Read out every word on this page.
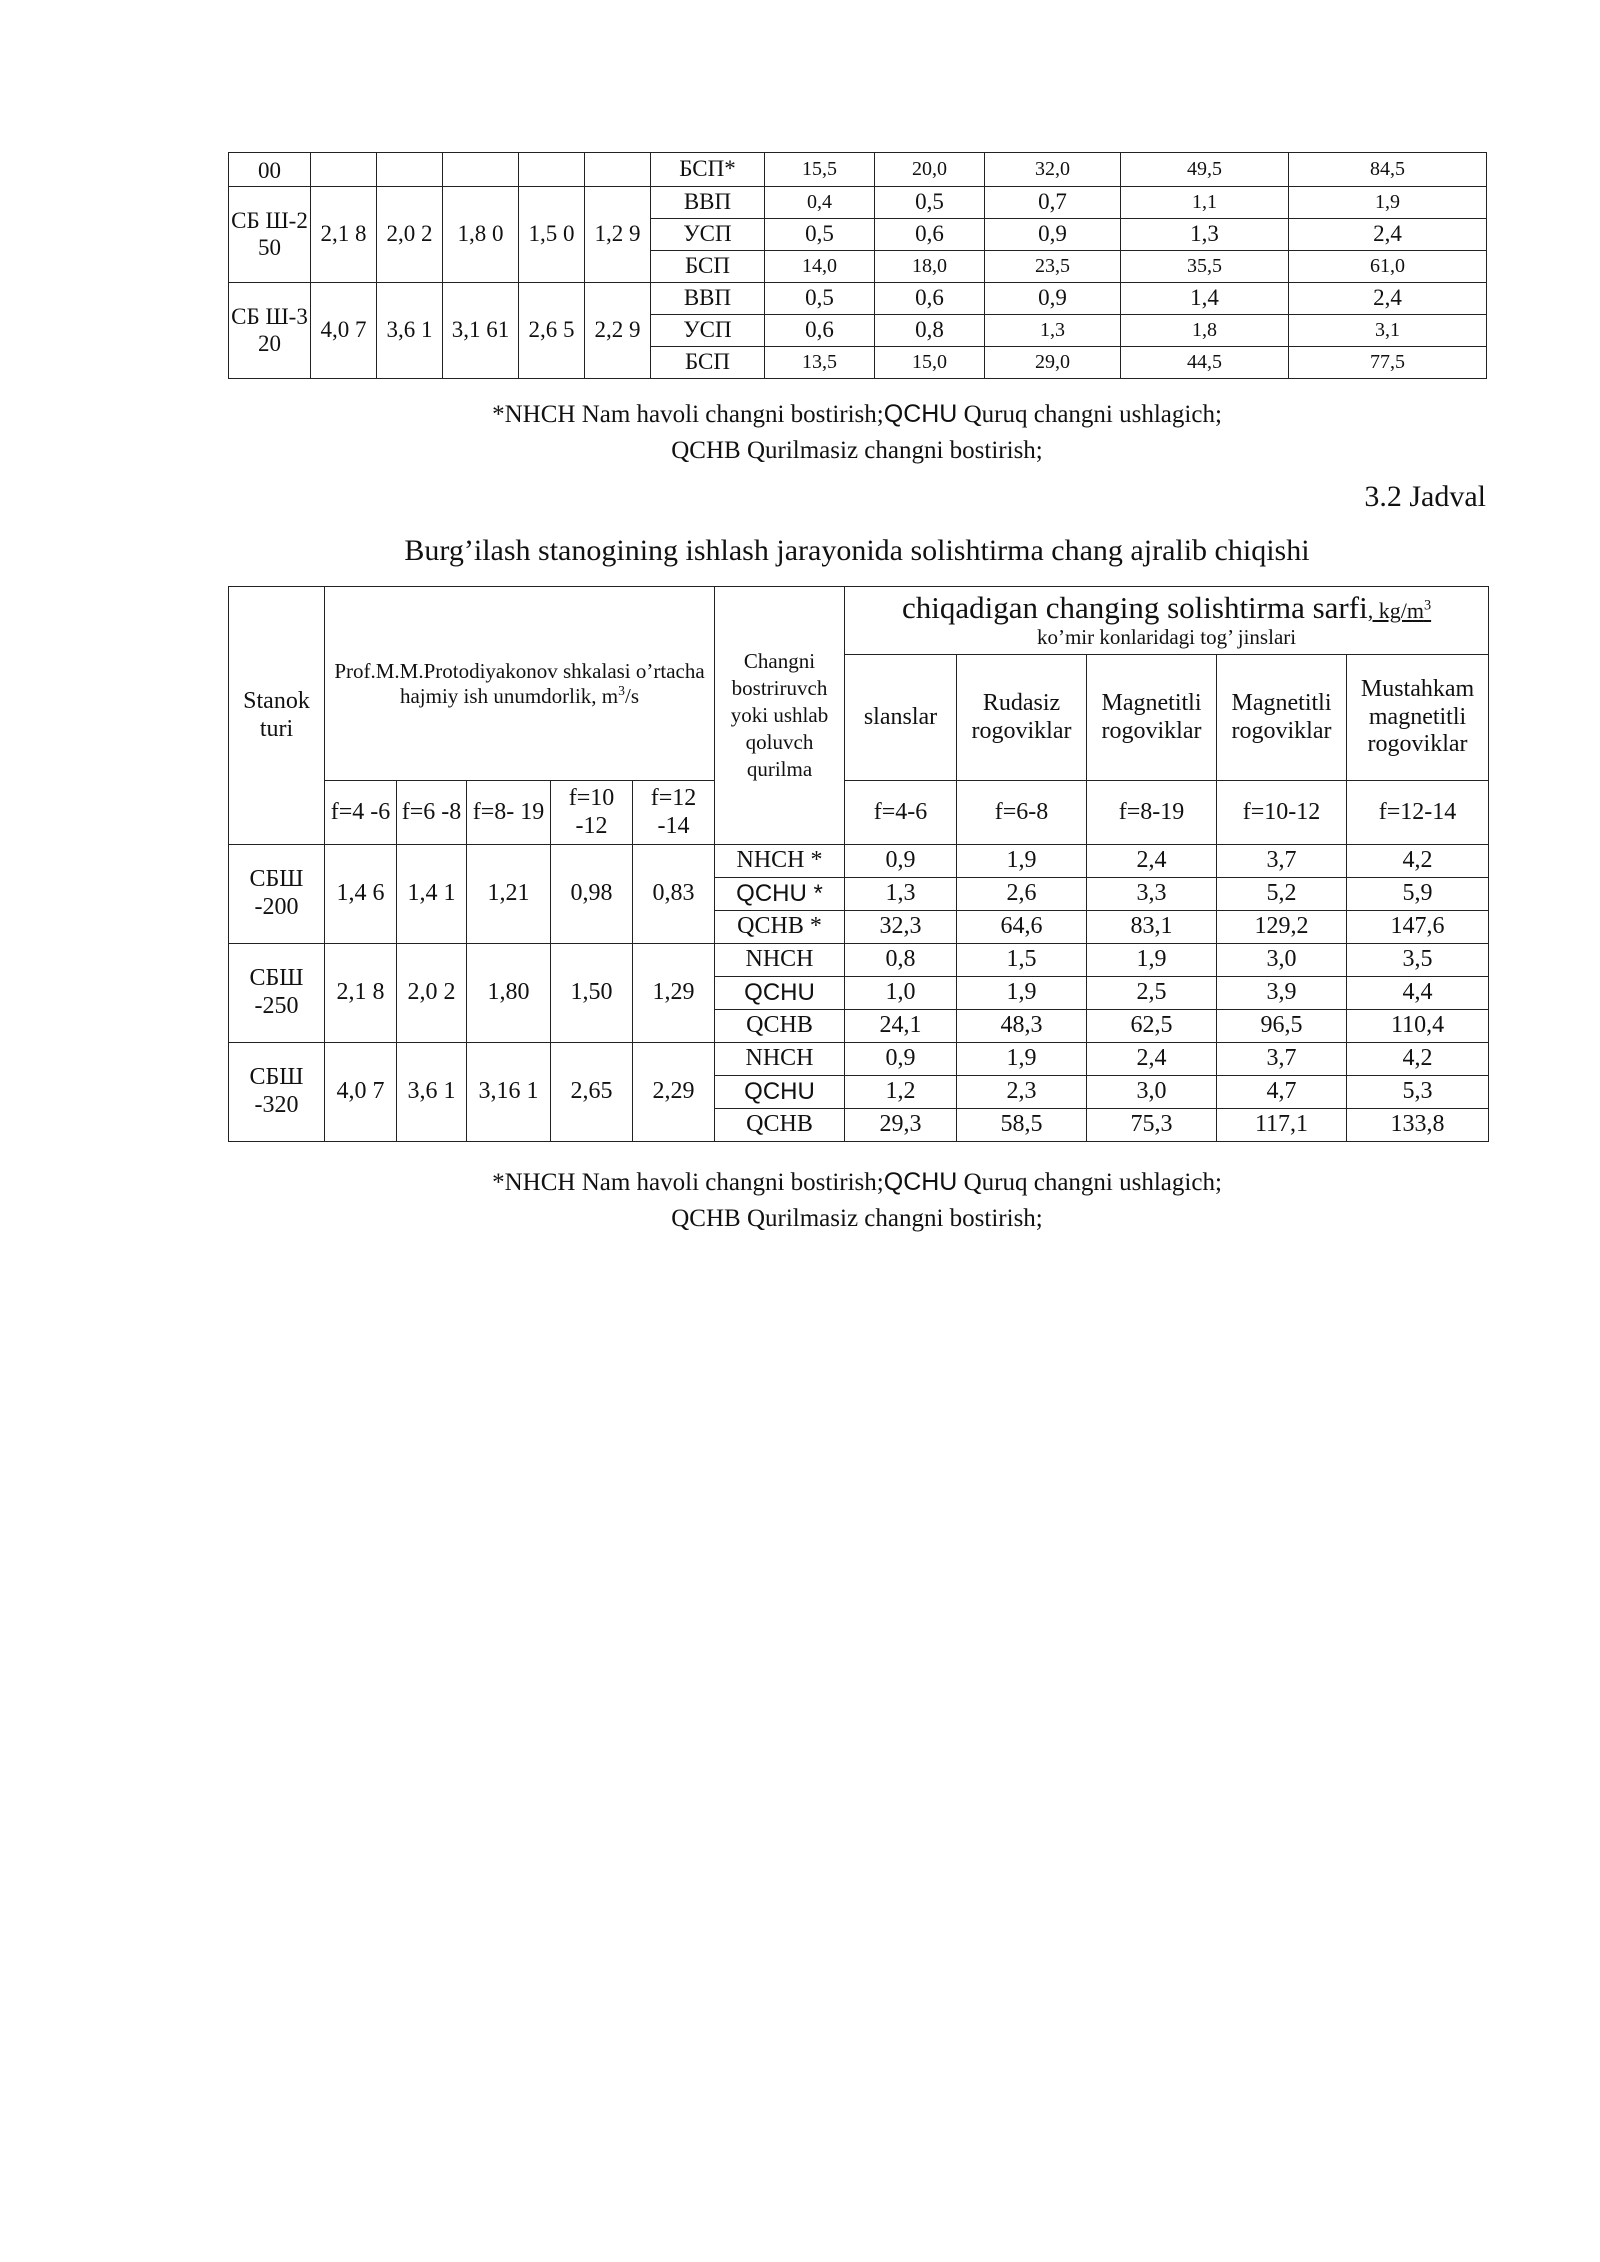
00						БСП*	15,5	20,0	32,0	49,5	84,5
СБ Ш-2 50	2,1 8	2,0 2	1,8 0	1,5 0	1,2 9	ВВП	0,4	0,5	0,7	1,1	1,9
						УСП	0,5	0,6	0,9	1,3	2,4
						БСП	14,0	18,0	23,5	35,5	61,0
СБ Ш-3 20	4,0 7	3,6 1	3,1 61	2,6 5	2,2 9	ВВП	0,5	0,6	0,9	1,4	2,4
						УСП	0,6	0,8	1,3	1,8	3,1
						БСП	13,5	15,0	29,0	44,5	77,5
*NHCH Nam havoli changni bostirish;QCHU Quruq changni ushlagich;
QCHB Qurilmasiz changni bostirish;
3.2 Jadval
Burg’ilash stanogining ishlash jarayonida solishtirma chang ajralib chiqishi
Stanok turi	Prof.M.M.Protodiyakonov shkalasi o’rtacha hajmiy ish unumdorlik, $m^3/s$					Changni bostriruvch yoki ushlab qoluvch qurilma	chiqadigan changing solishtirma sarfi, $kg/m^3$
ko’mir konlaridagi tog’ jinslari				

							slanslar	Rudasiz rogoviklar	Magnetitli rogoviklar	Magnetitli rogoviklar	Mustahkam magnetitli rogoviklar
	f=4 -6	f=6 -8	f=8- 19	f=10 -12	f=12 -14		f=4-6	f=6-8	f=8-19	f=10-12	f=12-14
СБШ -200	1,4 6	1,4 1	1,21	0,98	0,83	NHCH *	0,9	1,9	2,4	3,7	4,2
						QCHU *	1,3	2,6	3,3	5,2	5,9
						QCHB *	32,3	64,6	83,1	129,2	147,6
СБШ -250	2,1 8	2,0 2	1,80	1,50	1,29	NHCH	0,8	1,5	1,9	3,0	3,5
						QCHU	1,0	1,9	2,5	3,9	4,4
						QCHB	24,1	48,3	62,5	96,5	110,4
СБШ -320	4,0 7	3,6 1	3,16 1	2,65	2,29	NHCH	0,9	1,9	2,4	3,7	4,2
						QCHU	1,2	2,3	3,0	4,7	5,3
						QCHB	29,3	58,5	75,3	117,1	133,8
*NHCH Nam havoli changni bostirish;QCHU Quruq changni ushlagich;
QCHB Qurilmasiz changni bostirish;
